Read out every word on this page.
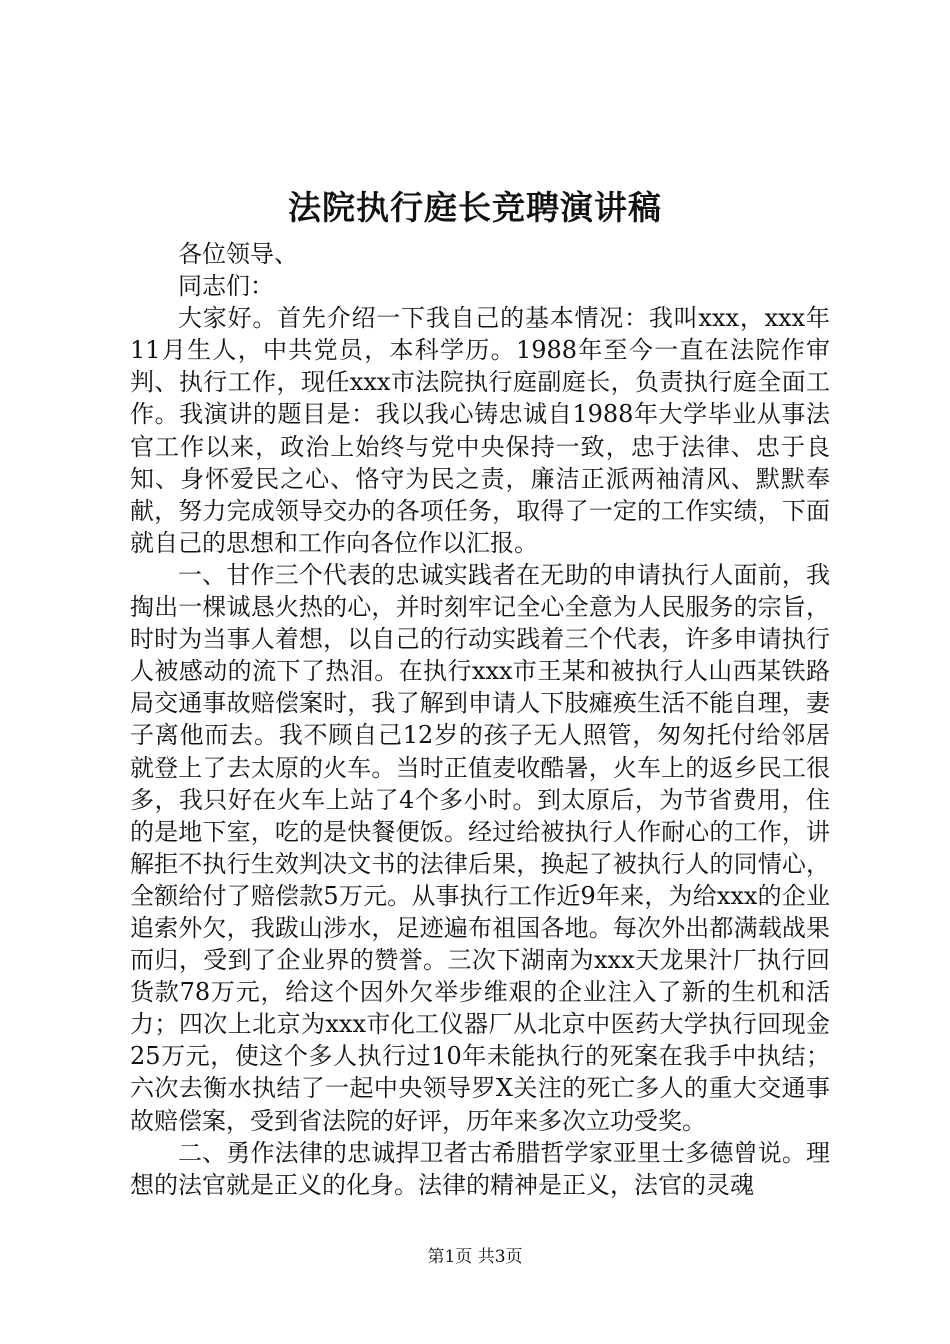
法院执行庭长竞聘演讲稿

各位领导、

同志们：

大家好。首先介绍一下我自己的基本情况：我叫xxx，xxx年11月生人，中共党员，本科学历。1988年至今一直在法院作审判、执行工作，现任xxx市法院执行庭副庭长，负责执行庭全面工作。我演讲的题目是：我以我心铸忠诚自1988年大学毕业从事法官工作以来，政治上始终与党中央保持一致，忠于法律、忠于良知、身怀爱民之心、恪守为民之责，廉洁正派两袖清风、默默奉献，努力完成领导交办的各项任务，取得了一定的工作实绩，下面就自己的思想和工作向各位作以汇报。

一、甘作三个代表的忠诚实践者在无助的申请执行人面前，我掏出一棵诚恳火热的心，并时刻牢记全心全意为人民服务的宗旨，时时为当事人着想，以自己的行动实践着三个代表，许多申请执行人被感动的流下了热泪。在执行xxx市王某和被执行人山西某铁路局交通事故赔偿案时，我了解到申请人下肢瘫痪生活不能自理，妻子离他而去。我不顾自己12岁的孩子无人照管，匆匆托付给邻居就登上了去太原的火车。当时正值麦收酷暑，火车上的返乡民工很多，我只好在火车上站了4个多小时。到太原后，为节省费用，住的是地下室，吃的是快餐便饭。经过给被执行人作耐心的工作，讲解拒不执行生效判决文书的法律后果，换起了被执行人的同情心，全额给付了赔偿款5万元。从事执行工作近9年来，为给xxx的企业追索外欠，我跋山涉水，足迹遍布祖国各地。每次外出都满载战果而归，受到了企业界的赞誉。三次下湖南为xxx天龙果汁厂执行回货款78万元，给这个因外欠举步维艰的企业注入了新的生机和活力；四次上北京为xxx市化工仪器厂从北京中医药大学执行回现金25万元，使这个多人执行过10年未能执行的死案在我手中执结；六次去衡水执结了一起中央领导罗X关注的死亡多人的重大交通事故赔偿案，受到省法院的好评，历年来多次立功受奖。

二、勇作法律的忠诚捍卫者古希腊哲学家亚里士多德曾说。理想的法官就是正义的化身。法律的精神是正义，法官的灵魂

第1页 共3页
